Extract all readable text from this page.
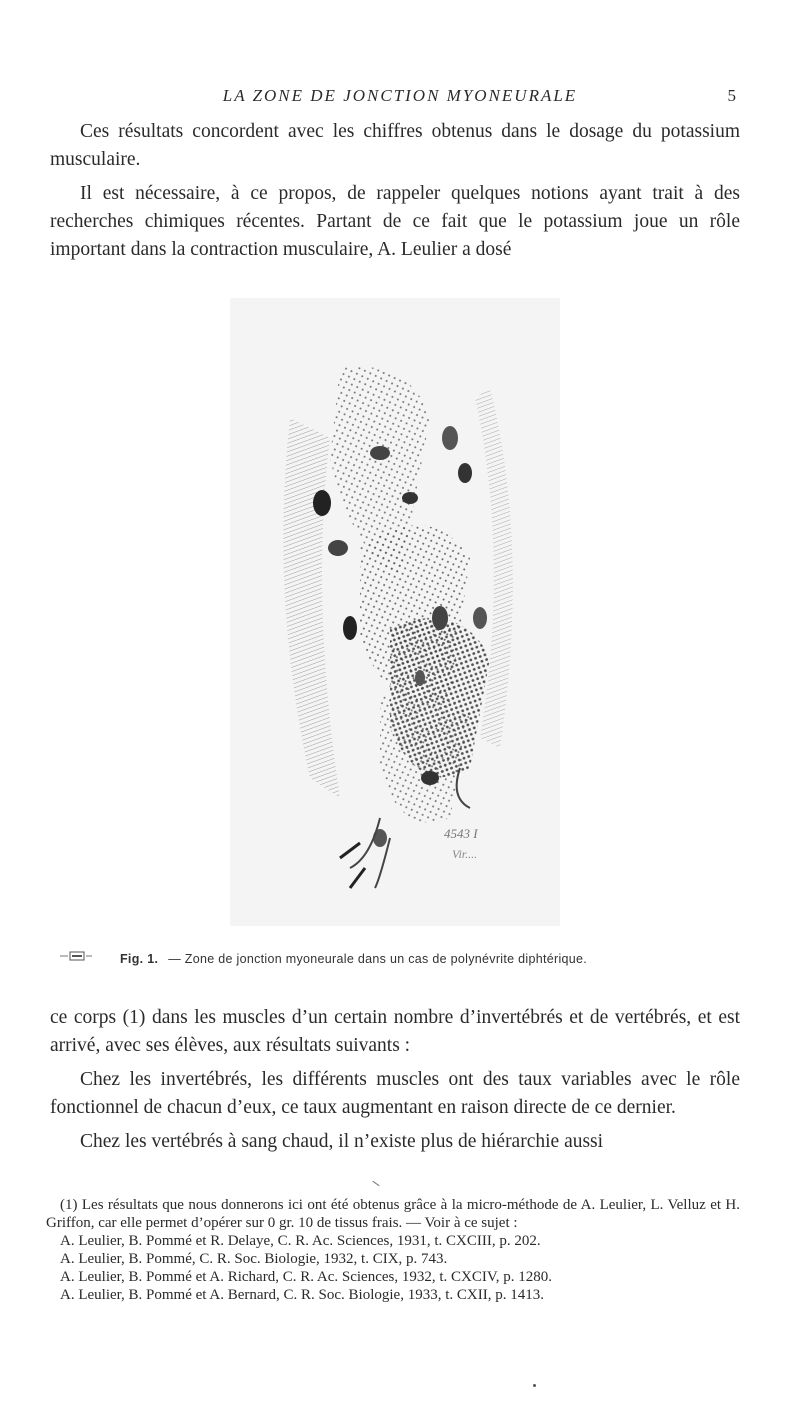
LA ZONE DE JONCTION MYONEURALE	5

Ces résultats concordent avec les chiffres obtenus dans le dosage du potassium musculaire.

Il est nécessaire, à ce propos, de rappeler quelques notions ayant trait à des recherches chimiques récentes. Partant de ce fait que le potassium joue un rôle important dans la contraction musculaire, A. Leulier a dosé

4543 I
Vir....
Fig. 1. — Zone de jonction myoneurale dans un cas de polynévrite diphtérique.

ce corps (1) dans les muscles d’un certain nombre d’invertébrés et de vertébrés, et est arrivé, avec ses élèves, aux résultats suivants :

Chez les invertébrés, les différents muscles ont des taux variables avec le rôle fonctionnel de chacun d’eux, ce taux augmentant en raison directe de ce dernier.

Chez les vertébrés à sang chaud, il n’existe plus de hiérarchie aussi

(1) Les résultats que nous donnerons ici ont été obtenus grâce à la micro-méthode de A. Leulier, L. Velluz et H. Griffon, car elle permet d’opérer sur 0 gr. 10 de tissus frais. — Voir à ce sujet :

A. Leulier, B. Pommé et R. Delaye, C. R. Ac. Sciences, 1931, t. CXCIII, p. 202.

A. Leulier, B. Pommé, C. R. Soc. Biologie, 1932, t. CIX, p. 743.

A. Leulier, B. Pommé et A. Richard, C. R. Ac. Sciences, 1932, t. CXCIV, p. 1280.

A. Leulier, B. Pommé et A. Bernard, C. R. Soc. Biologie, 1933, t. CXII, p. 1413.
